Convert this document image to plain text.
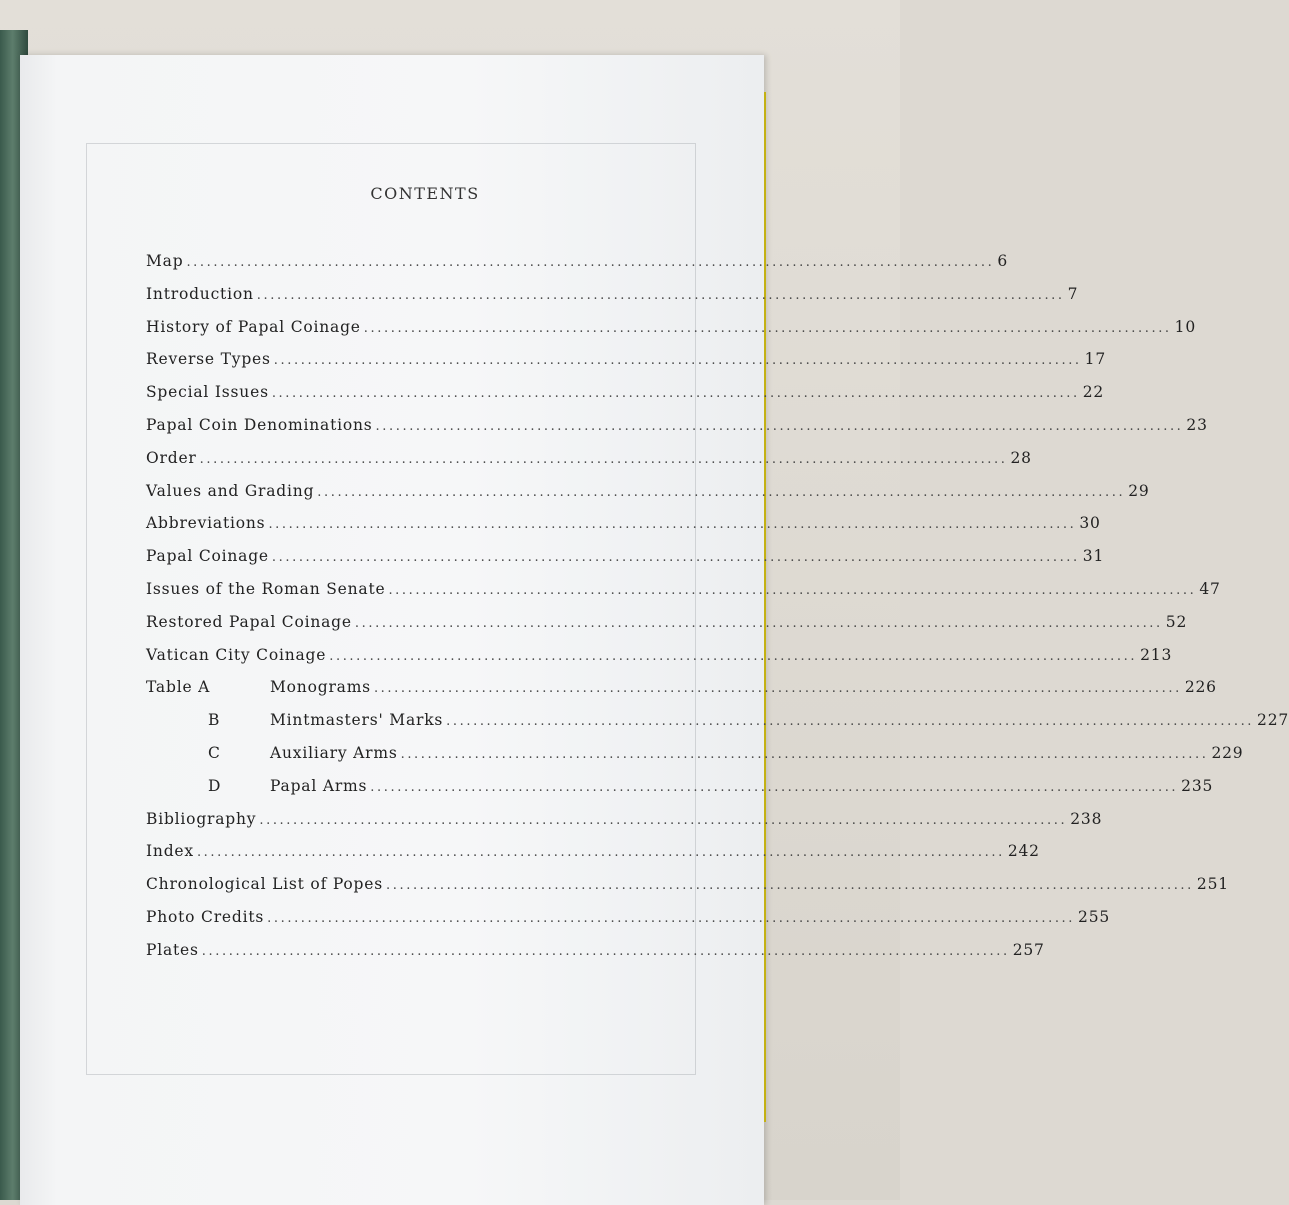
CONTENTS
Map ........................................................................................................................ 6
Introduction ........................................................................................................................ 7
History of Papal Coinage ........................................................................................................................ 10
Reverse Types ........................................................................................................................ 17
Special Issues ........................................................................................................................ 22
Papal Coin Denominations ........................................................................................................................ 23
Order ........................................................................................................................ 28
Values and Grading ........................................................................................................................ 29
Abbreviations ........................................................................................................................ 30
Papal Coinage ........................................................................................................................ 31
Issues of the Roman Senate ........................................................................................................................ 47
Restored Papal Coinage ........................................................................................................................ 52
Vatican City Coinage ........................................................................................................................ 213
Table A	Monograms ........................................................................................................................ 226
B	Mintmasters' Marks ........................................................................................................................ 227
C	Auxiliary Arms ........................................................................................................................ 229
D	Papal Arms ........................................................................................................................ 235
Bibliography ........................................................................................................................ 238
Index ........................................................................................................................ 242
Chronological List of Popes ........................................................................................................................ 251
Photo Credits ........................................................................................................................ 255
Plates ........................................................................................................................ 257
